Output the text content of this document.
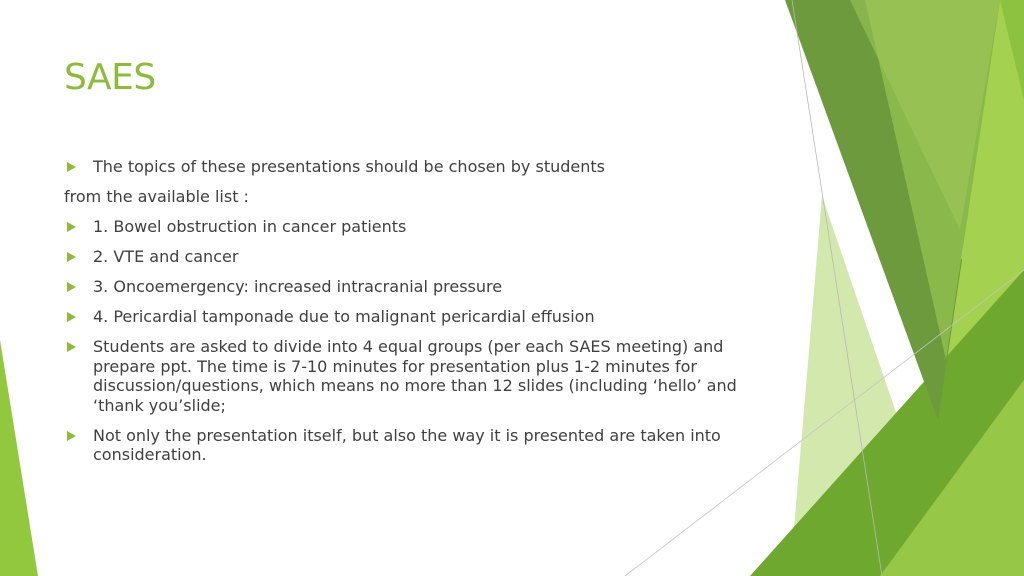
SAES
The topics of these presentations should be chosen by students
from the available list :
1. Bowel obstruction in cancer patients
2. VTE and cancer
3. Oncoemergency: increased intracranial pressure
4. Pericardial tamponade due to malignant pericardial effusion
Students are asked to divide into 4 equal groups (per each SAES meeting) and prepare ppt. The time is 7-10 minutes for presentation plus 1-2 minutes for discussion/questions, which means no more than 12 slides (including ‘hello’ and ‘thank you’slide;
Not only the presentation itself, but also the way it is presented are taken into consideration.
